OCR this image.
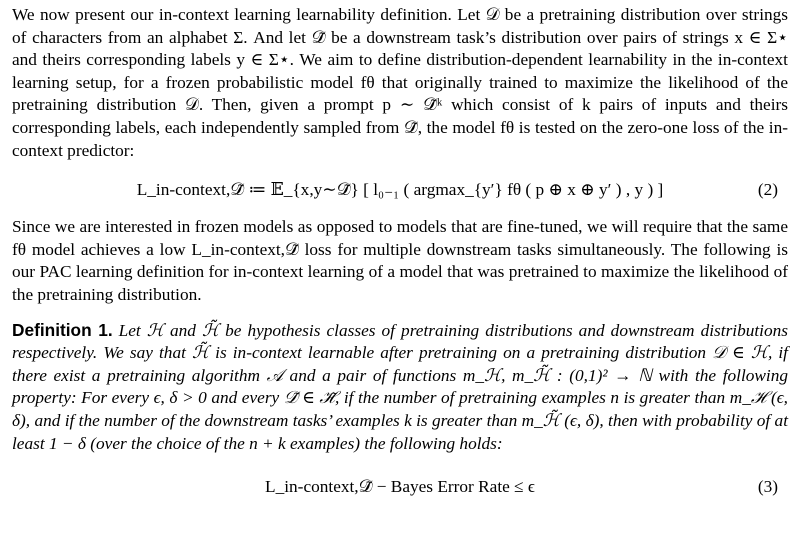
We now present our in-context learning learnability definition. Let 𝒟 be a pretraining distribution over strings of characters from an alphabet Σ. And let 𝒟̃ be a downstream task’s distribution over pairs of strings x ∈ Σ⋆ and theirs corresponding labels y ∈ Σ⋆. We aim to define distribution-dependent learnability in the in-context learning setup, for a frozen probabilistic model fθ that originally trained to maximize the likelihood of the pretraining distribution 𝒟. Then, given a prompt p ∼ 𝒟̃ᵏ which consist of k pairs of inputs and theirs corresponding labels, each independently sampled from 𝒟̃, the model fθ is tested on the zero-one loss of the in-context predictor:

L_in-context,𝒟̃ ≔ 𝔼_{x,y∼𝒟̃} [ l₀₋₁ ( argmax_{y′} fθ ( p ⊕ x ⊕ y′ ) , y ) ]	(2)

Since we are interested in frozen models as opposed to models that are fine-tuned, we will require that the same fθ model achieves a low L_in-context,𝒟̃ loss for multiple downstream tasks simultaneously. The following is our PAC learning definition for in-context learning of a model that was pretrained to maximize the likelihood of the pretraining distribution.

Definition 1. Let ℋ and ℋ̃ be hypothesis classes of pretraining distributions and downstream distributions respectively. We say that ℋ̃ is in-context learnable after pretraining on a pretraining distribution 𝒟 ∈ ℋ, if there exist a pretraining algorithm 𝒜 and a pair of functions m_ℋ, m_ℋ̃ : (0,1)² → ℕ with the following property: For every ϵ, δ > 0 and every 𝒟̃ ∈ ℋ̃, if the number of pretraining examples n is greater than m_ℋ (ϵ, δ), and if the number of the downstream tasks’ examples k is greater than m_ℋ̃ (ϵ, δ), then with probability of at least 1 − δ (over the choice of the n + k examples) the following holds:

L_in-context,𝒟̃ − Bayes Error Rate ≤ ϵ	(3)
